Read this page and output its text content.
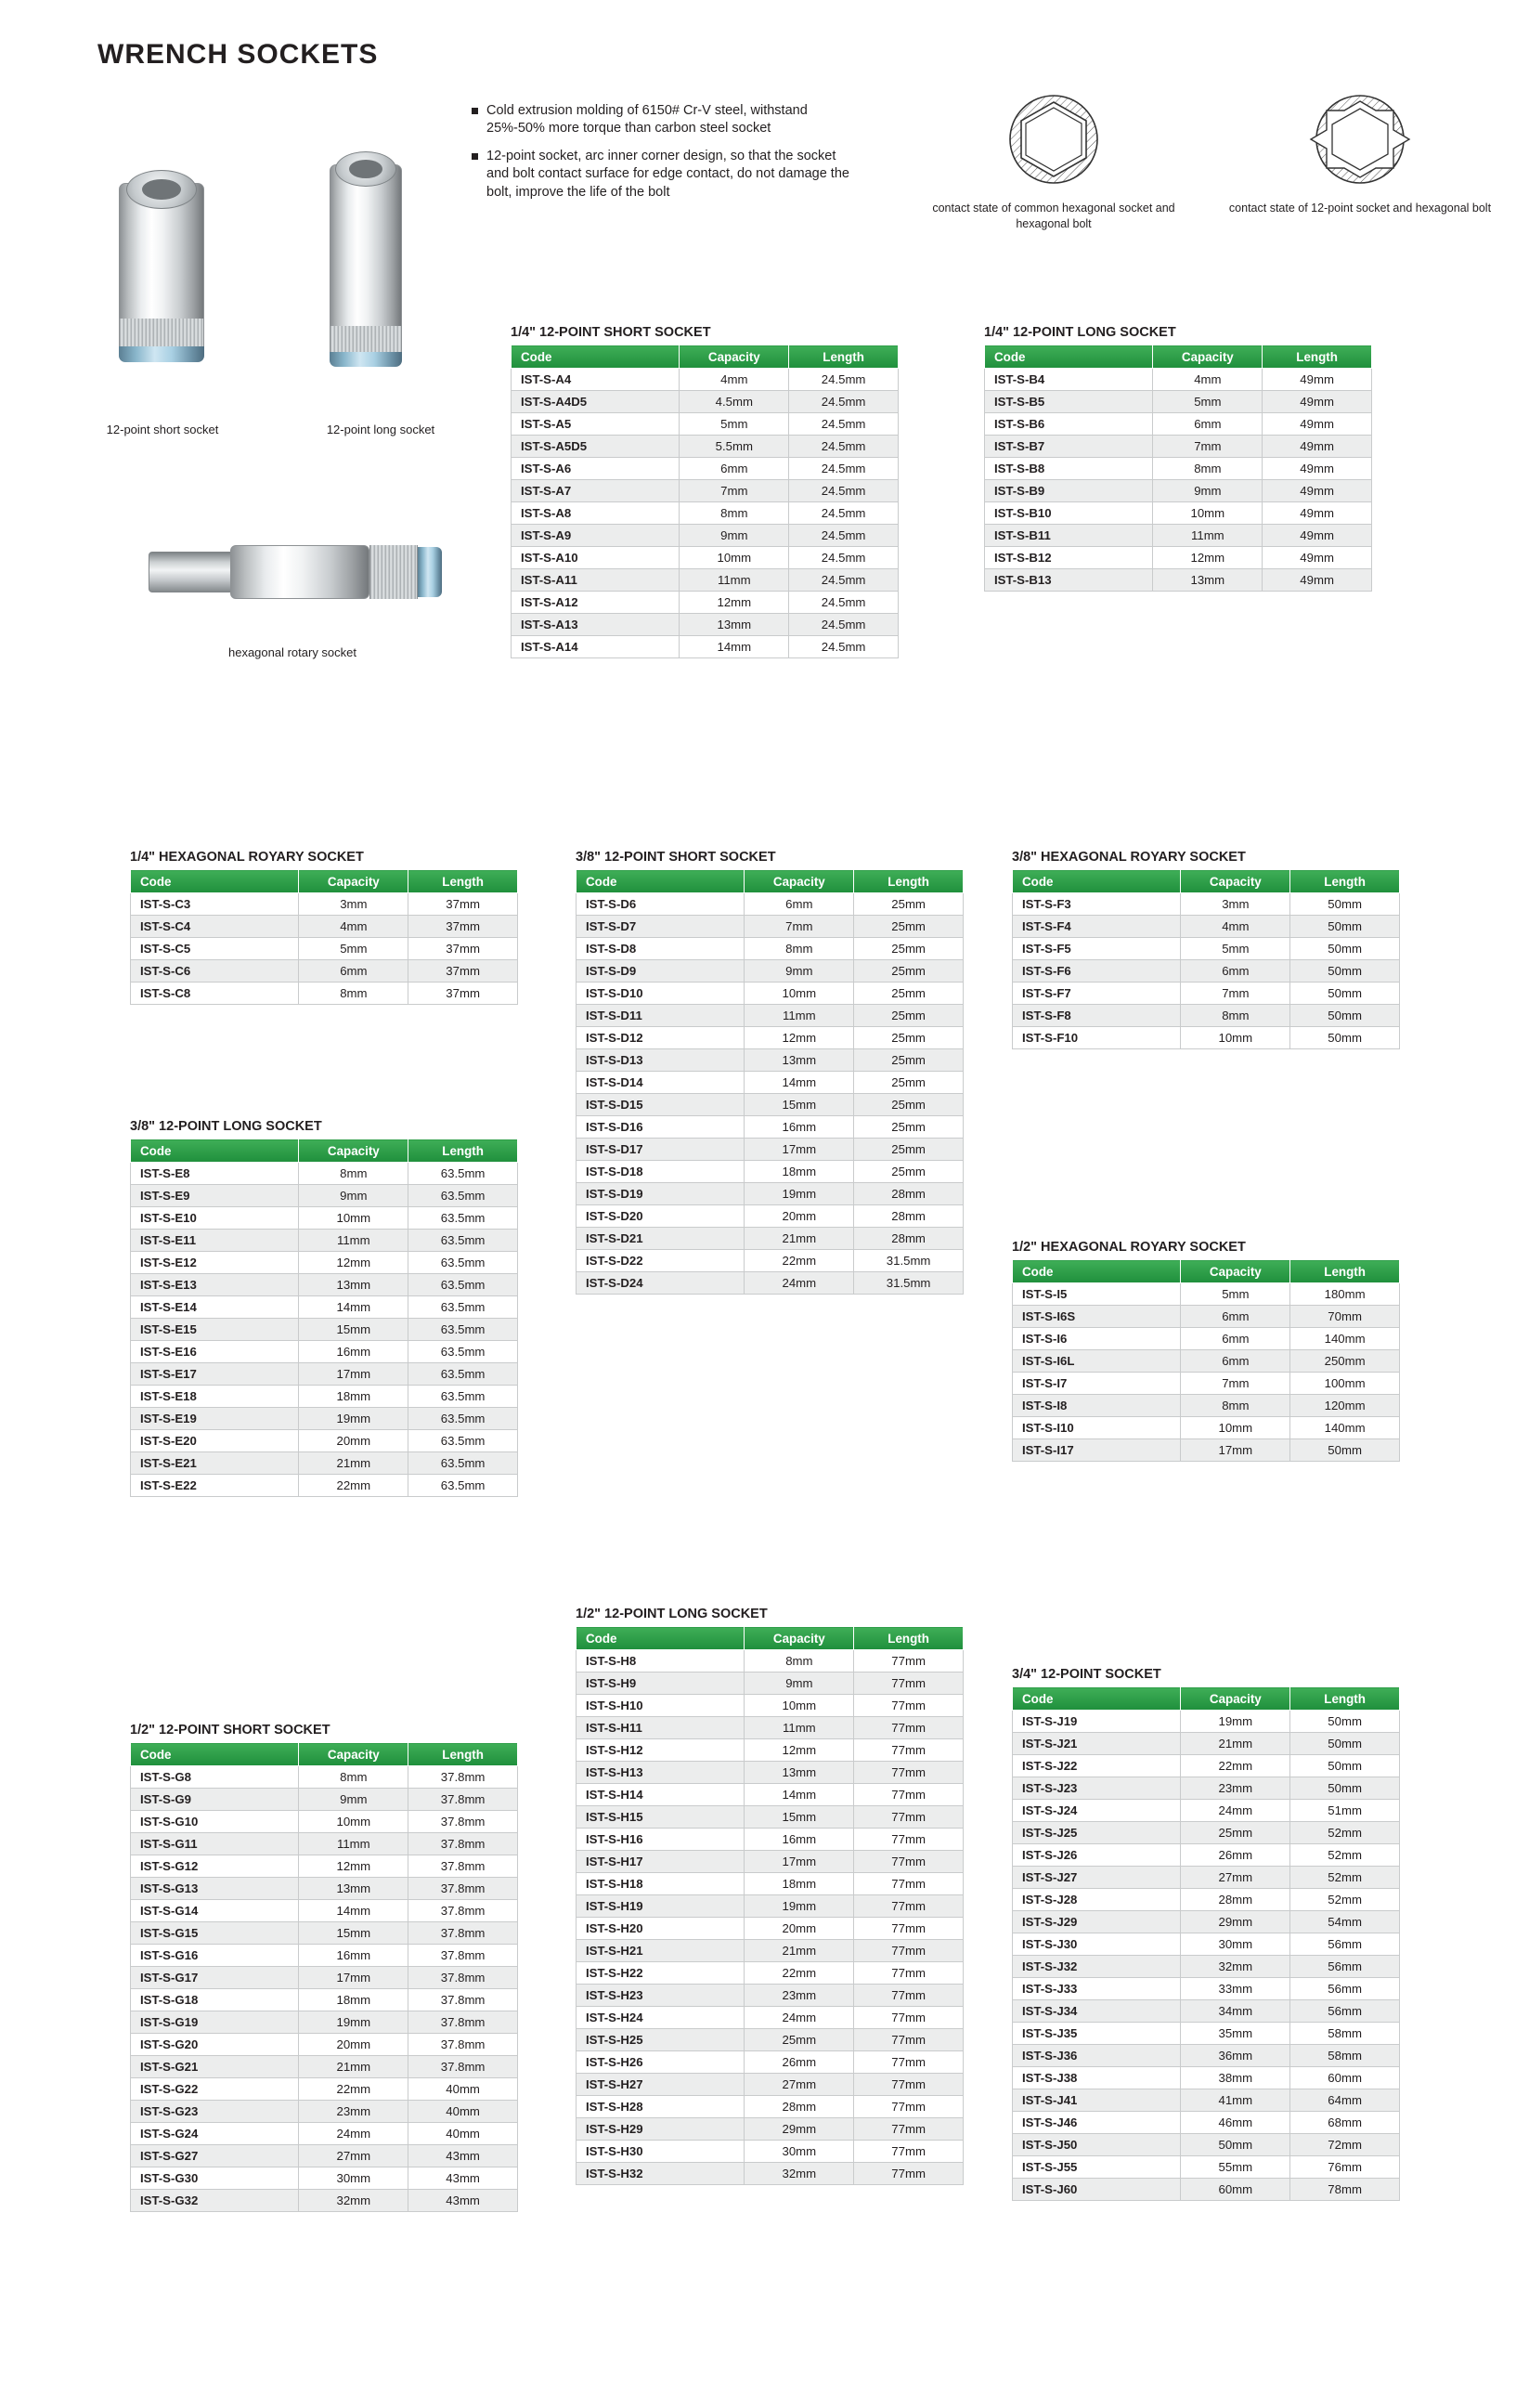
WRENCH SOCKETS
Cold extrusion molding of 6150# Cr-V steel, withstand 25%-50% more torque than carbon steel socket
12-point socket, arc inner corner design, so that the socket and bolt contact surface for edge contact, do not damage the bolt, improve the life of the bolt
contact state of common hexagonal socket and hexagonal bolt
contact state of 12-point socket and hexagonal bolt
12-point short socket	12-point long socket
hexagonal rotary socket
1/4" 12-POINT SHORT SOCKET
Code	Capacity	Length
IST-S-A4	4mm	24.5mm
IST-S-A4D5	4.5mm	24.5mm
IST-S-A5	5mm	24.5mm
IST-S-A5D5	5.5mm	24.5mm
IST-S-A6	6mm	24.5mm
IST-S-A7	7mm	24.5mm
IST-S-A8	8mm	24.5mm
IST-S-A9	9mm	24.5mm
IST-S-A10	10mm	24.5mm
IST-S-A11	11mm	24.5mm
IST-S-A12	12mm	24.5mm
IST-S-A13	13mm	24.5mm
IST-S-A14	14mm	24.5mm
1/4" 12-POINT LONG SOCKET
Code	Capacity	Length
IST-S-B4	4mm	49mm
IST-S-B5	5mm	49mm
IST-S-B6	6mm	49mm
IST-S-B7	7mm	49mm
IST-S-B8	8mm	49mm
IST-S-B9	9mm	49mm
IST-S-B10	10mm	49mm
IST-S-B11	11mm	49mm
IST-S-B12	12mm	49mm
IST-S-B13	13mm	49mm
1/4" HEXAGONAL ROYARY SOCKET
Code	Capacity	Length
IST-S-C3	3mm	37mm
IST-S-C4	4mm	37mm
IST-S-C5	5mm	37mm
IST-S-C6	6mm	37mm
IST-S-C8	8mm	37mm
3/8" 12-POINT SHORT SOCKET
Code	Capacity	Length
IST-S-D6	6mm	25mm
IST-S-D7	7mm	25mm
IST-S-D8	8mm	25mm
IST-S-D9	9mm	25mm
IST-S-D10	10mm	25mm
IST-S-D11	11mm	25mm
IST-S-D12	12mm	25mm
IST-S-D13	13mm	25mm
IST-S-D14	14mm	25mm
IST-S-D15	15mm	25mm
IST-S-D16	16mm	25mm
IST-S-D17	17mm	25mm
IST-S-D18	18mm	25mm
IST-S-D19	19mm	28mm
IST-S-D20	20mm	28mm
IST-S-D21	21mm	28mm
IST-S-D22	22mm	31.5mm
IST-S-D24	24mm	31.5mm
3/8" HEXAGONAL ROYARY SOCKET
Code	Capacity	Length
IST-S-F3	3mm	50mm
IST-S-F4	4mm	50mm
IST-S-F5	5mm	50mm
IST-S-F6	6mm	50mm
IST-S-F7	7mm	50mm
IST-S-F8	8mm	50mm
IST-S-F10	10mm	50mm
3/8" 12-POINT LONG SOCKET
Code	Capacity	Length
IST-S-E8	8mm	63.5mm
IST-S-E9	9mm	63.5mm
IST-S-E10	10mm	63.5mm
IST-S-E11	11mm	63.5mm
IST-S-E12	12mm	63.5mm
IST-S-E13	13mm	63.5mm
IST-S-E14	14mm	63.5mm
IST-S-E15	15mm	63.5mm
IST-S-E16	16mm	63.5mm
IST-S-E17	17mm	63.5mm
IST-S-E18	18mm	63.5mm
IST-S-E19	19mm	63.5mm
IST-S-E20	20mm	63.5mm
IST-S-E21	21mm	63.5mm
IST-S-E22	22mm	63.5mm
1/2" HEXAGONAL ROYARY SOCKET
Code	Capacity	Length
IST-S-I5	5mm	180mm
IST-S-I6S	6mm	70mm
IST-S-I6	6mm	140mm
IST-S-I6L	6mm	250mm
IST-S-I7	7mm	100mm
IST-S-I8	8mm	120mm
IST-S-I10	10mm	140mm
IST-S-I17	17mm	50mm
1/2" 12-POINT LONG SOCKET
Code	Capacity	Length
IST-S-H8	8mm	77mm
IST-S-H9	9mm	77mm
IST-S-H10	10mm	77mm
IST-S-H11	11mm	77mm
IST-S-H12	12mm	77mm
IST-S-H13	13mm	77mm
IST-S-H14	14mm	77mm
IST-S-H15	15mm	77mm
IST-S-H16	16mm	77mm
IST-S-H17	17mm	77mm
IST-S-H18	18mm	77mm
IST-S-H19	19mm	77mm
IST-S-H20	20mm	77mm
IST-S-H21	21mm	77mm
IST-S-H22	22mm	77mm
IST-S-H23	23mm	77mm
IST-S-H24	24mm	77mm
IST-S-H25	25mm	77mm
IST-S-H26	26mm	77mm
IST-S-H27	27mm	77mm
IST-S-H28	28mm	77mm
IST-S-H29	29mm	77mm
IST-S-H30	30mm	77mm
IST-S-H32	32mm	77mm
3/4" 12-POINT SOCKET
Code	Capacity	Length
IST-S-J19	19mm	50mm
IST-S-J21	21mm	50mm
IST-S-J22	22mm	50mm
IST-S-J23	23mm	50mm
IST-S-J24	24mm	51mm
IST-S-J25	25mm	52mm
IST-S-J26	26mm	52mm
IST-S-J27	27mm	52mm
IST-S-J28	28mm	52mm
IST-S-J29	29mm	54mm
IST-S-J30	30mm	56mm
IST-S-J32	32mm	56mm
IST-S-J33	33mm	56mm
IST-S-J34	34mm	56mm
IST-S-J35	35mm	58mm
IST-S-J36	36mm	58mm
IST-S-J38	38mm	60mm
IST-S-J41	41mm	64mm
IST-S-J46	46mm	68mm
IST-S-J50	50mm	72mm
IST-S-J55	55mm	76mm
IST-S-J60	60mm	78mm
1/2" 12-POINT SHORT SOCKET
Code	Capacity	Length
IST-S-G8	8mm	37.8mm
IST-S-G9	9mm	37.8mm
IST-S-G10	10mm	37.8mm
IST-S-G11	11mm	37.8mm
IST-S-G12	12mm	37.8mm
IST-S-G13	13mm	37.8mm
IST-S-G14	14mm	37.8mm
IST-S-G15	15mm	37.8mm
IST-S-G16	16mm	37.8mm
IST-S-G17	17mm	37.8mm
IST-S-G18	18mm	37.8mm
IST-S-G19	19mm	37.8mm
IST-S-G20	20mm	37.8mm
IST-S-G21	21mm	37.8mm
IST-S-G22	22mm	40mm
IST-S-G23	23mm	40mm
IST-S-G24	24mm	40mm
IST-S-G27	27mm	43mm
IST-S-G30	30mm	43mm
IST-S-G32	32mm	43mm
